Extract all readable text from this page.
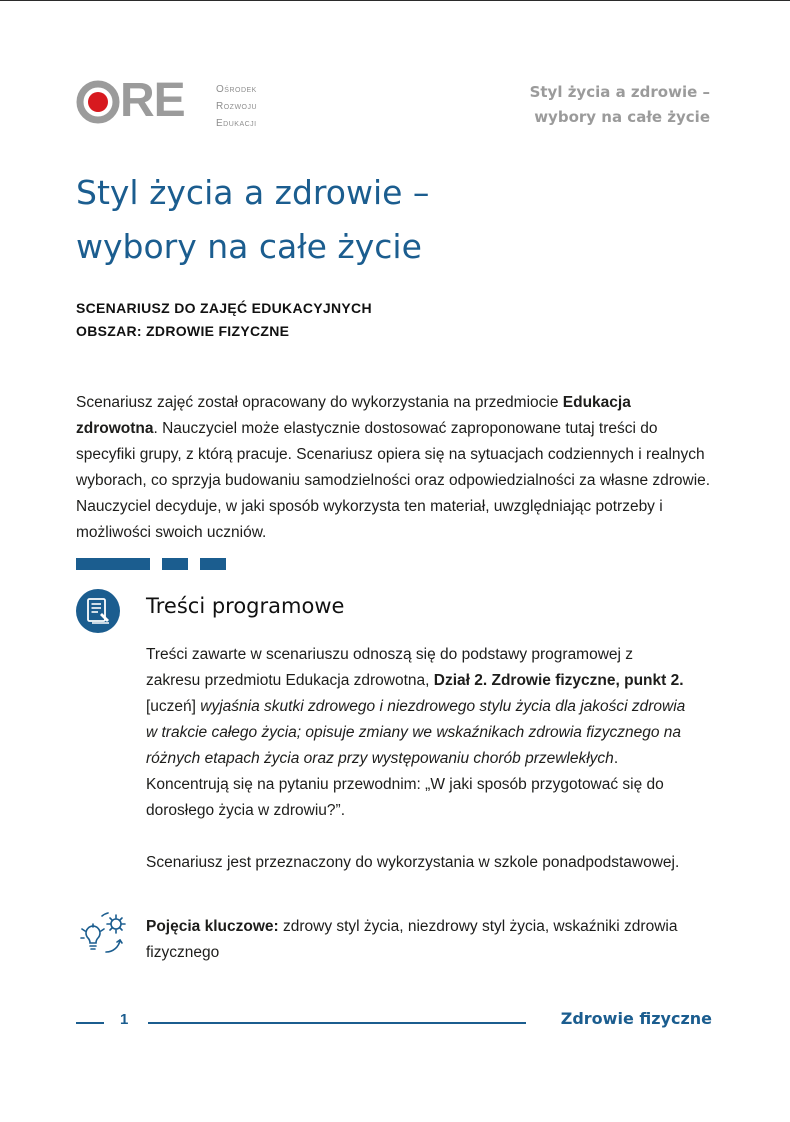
RE	Ośrodek
Rozwoju
Edukacji
Styl życia a zdrowie –
wybory na całe życie
Styl życia a zdrowie –
wybory na całe życie
SCENARIUSZ DO ZAJĘĆ EDUKACYJNYCH
OBSZAR: ZDROWIE FIZYCZNE
Scenariusz zajęć został opracowany do wykorzystania na przedmiocie Edukacja zdrowotna. Nauczyciel może elastycznie dostosować zaproponowane tutaj treści do specyfiki grupy, z którą pracuje. Scenariusz opiera się na sytuacjach codziennych i realnych wyborach, co sprzyja budowaniu samodzielności oraz odpowiedzialności za własne zdrowie. Nauczyciel decyduje, w jaki sposób wykorzysta ten materiał, uwzględniając potrzeby i możliwości swoich uczniów.
Treści programowe

Treści zawarte w scenariuszu odnoszą się do podstawy programowej z zakresu przedmiotu Edukacja zdrowotna, Dział 2. Zdrowie fizyczne, punkt 2. [uczeń] wyjaśnia skutki zdrowego i niezdrowego stylu życia dla jakości zdrowia w trakcie całego życia; opisuje zmiany we wskaźnikach zdrowia fizycznego na różnych etapach życia oraz przy występowaniu chorób przewlekłych. Koncentrują się na pytaniu przewodnim: „W jaki sposób przygotować się do dorosłego życia w zdrowiu?”.

Scenariusz jest przeznaczony do wykorzystania w szkole ponadpodstawowej.

Pojęcia kluczowe: zdrowy styl życia, niezdrowy styl życia, wskaźniki zdrowia fizycznego
1	Zdrowie fizyczne
